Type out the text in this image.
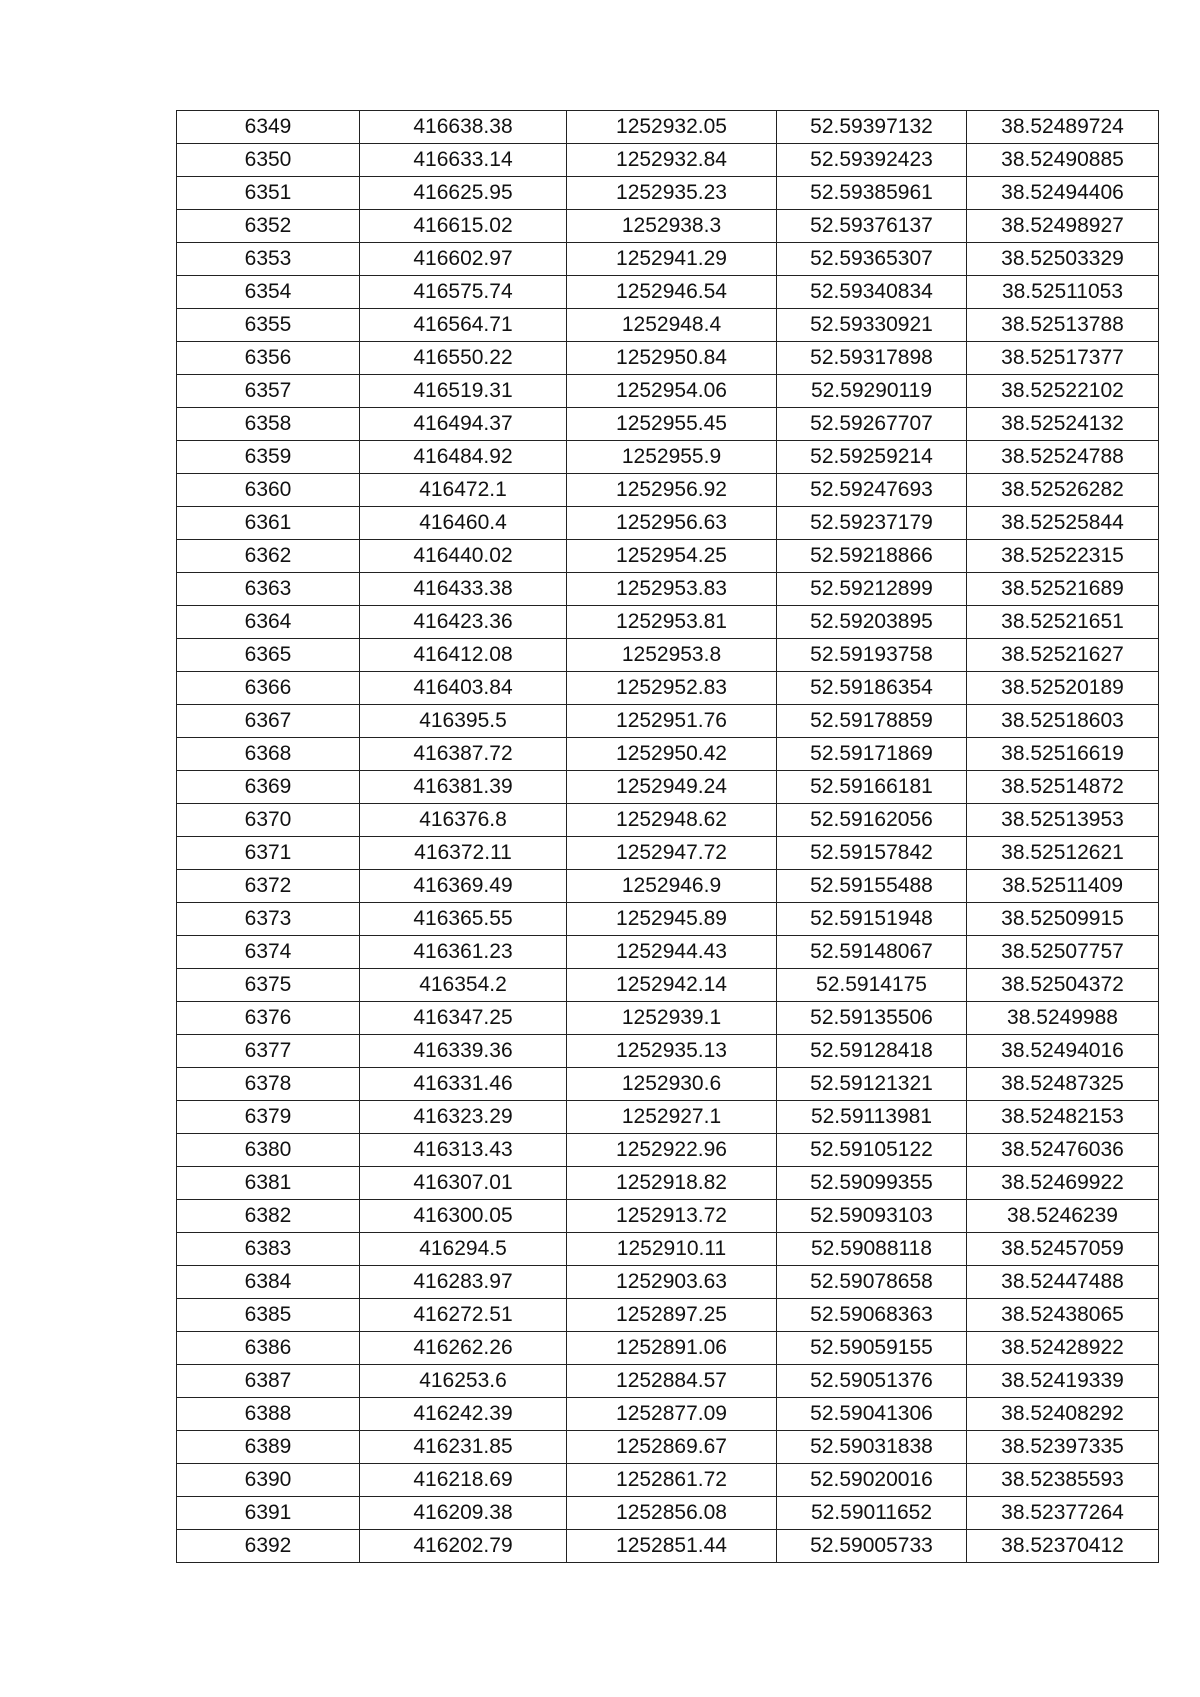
6349	416638.38	1252932.05	52.59397132	38.52489724
6350	416633.14	1252932.84	52.59392423	38.52490885
6351	416625.95	1252935.23	52.59385961	38.52494406
6352	416615.02	1252938.3	52.59376137	38.52498927
6353	416602.97	1252941.29	52.59365307	38.52503329
6354	416575.74	1252946.54	52.59340834	38.52511053
6355	416564.71	1252948.4	52.59330921	38.52513788
6356	416550.22	1252950.84	52.59317898	38.52517377
6357	416519.31	1252954.06	52.59290119	38.52522102
6358	416494.37	1252955.45	52.59267707	38.52524132
6359	416484.92	1252955.9	52.59259214	38.52524788
6360	416472.1	1252956.92	52.59247693	38.52526282
6361	416460.4	1252956.63	52.59237179	38.52525844
6362	416440.02	1252954.25	52.59218866	38.52522315
6363	416433.38	1252953.83	52.59212899	38.52521689
6364	416423.36	1252953.81	52.59203895	38.52521651
6365	416412.08	1252953.8	52.59193758	38.52521627
6366	416403.84	1252952.83	52.59186354	38.52520189
6367	416395.5	1252951.76	52.59178859	38.52518603
6368	416387.72	1252950.42	52.59171869	38.52516619
6369	416381.39	1252949.24	52.59166181	38.52514872
6370	416376.8	1252948.62	52.59162056	38.52513953
6371	416372.11	1252947.72	52.59157842	38.52512621
6372	416369.49	1252946.9	52.59155488	38.52511409
6373	416365.55	1252945.89	52.59151948	38.52509915
6374	416361.23	1252944.43	52.59148067	38.52507757
6375	416354.2	1252942.14	52.5914175	38.52504372
6376	416347.25	1252939.1	52.59135506	38.5249988
6377	416339.36	1252935.13	52.59128418	38.52494016
6378	416331.46	1252930.6	52.59121321	38.52487325
6379	416323.29	1252927.1	52.59113981	38.52482153
6380	416313.43	1252922.96	52.59105122	38.52476036
6381	416307.01	1252918.82	52.59099355	38.52469922
6382	416300.05	1252913.72	52.59093103	38.5246239
6383	416294.5	1252910.11	52.59088118	38.52457059
6384	416283.97	1252903.63	52.59078658	38.52447488
6385	416272.51	1252897.25	52.59068363	38.52438065
6386	416262.26	1252891.06	52.59059155	38.52428922
6387	416253.6	1252884.57	52.59051376	38.52419339
6388	416242.39	1252877.09	52.59041306	38.52408292
6389	416231.85	1252869.67	52.59031838	38.52397335
6390	416218.69	1252861.72	52.59020016	38.52385593
6391	416209.38	1252856.08	52.59011652	38.52377264
6392	416202.79	1252851.44	52.59005733	38.52370412
